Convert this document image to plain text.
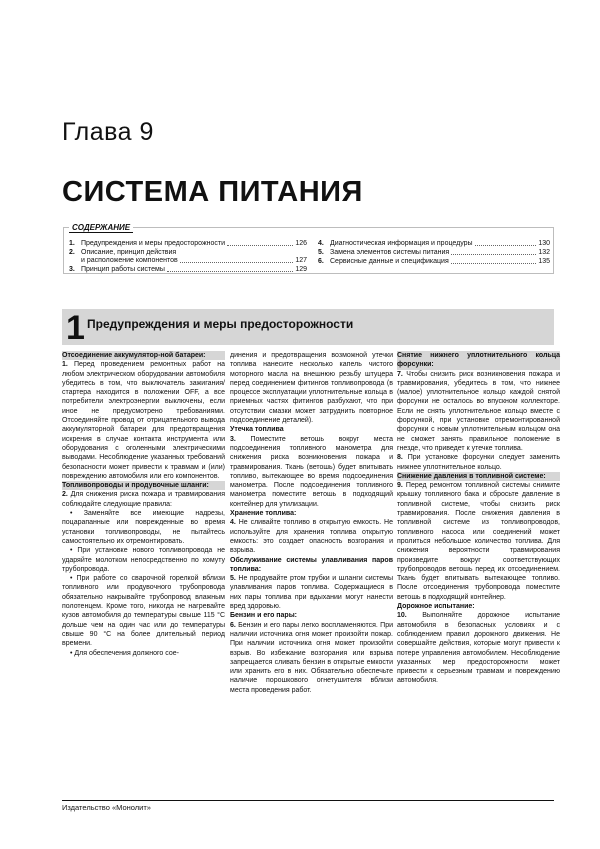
Глава 9
СИСТЕМА ПИТАНИЯ
СОДЕРЖАНИЕ
1. Предупреждения и меры предосторожности	126
2. Описание, принцип действия
и расположение компонентов	127
3. Принцип работы системы	129
4. Диагностическая информация и процедуры	130
5. Замена элементов системы питания	132
6. Сервисные данные и спецификация	135
1 Предупреждения и меры предосторожности

Отсоединение аккумулятор-ной батареи:

1. Перед проведением ремонтных работ на любом электрическом оборудовании автомобиля убедитесь в том, что выключатель зажигания/стартера находится в положении OFF, а все потребители электроэнергии выключены, если иное не предусмотрено требованиями. Отсоединяйте провод от отрицательного вывода аккумуляторной батареи для предотвращения искрения в случае контакта инструмента или оборудования с оголенными электрическими выводами. Несоблюдение указанных требований безопасности может привести к травмам и (или) повреждению автомобиля или его компонентов.

Топливопроводы и продувочные шланги:

2. Для снижения риска пожара и травмирования соблюдайте следующие правила:

• Заменяйте все имеющие надрезы, поцарапанные или поврежденные во время установки топливопроводы, не пытайтесь самостоятельно их отремонтировать.

• При установке нового топливопровода не ударяйте молотком непосредственно по хомуту трубопровода.

• При работе со сварочной горелкой вблизи топливного или продувочного трубопровода обязательно накрывайте трубопровод влажным полотенцем. Кроме того, никогда не нагревайте кузов автомобиля до температуры свыше 115 °С дольше чем на один час или до температуры свыше 90 °С на более длительный период времени.

• Для обеспечения должного сое-

динения и предотвращения возможной утечки топлива нанесите несколько капель чистого моторного масла на внешнюю резьбу штуцера перед соединением фитингов топливопровода (в процессе эксплуатации уплотнительные кольца в приемных частях фитингов разбухают, что при отсутствии смазки может затруднить повторное подсоединение деталей).

Утечка топлива

3. Поместите ветошь вокруг места подсоединения топливного манометра для снижения риска возникновения пожара и травмирования. Ткань (ветошь) будет впитывать топливо, вытекающее во время подсоединения манометра. После подсоединения топливного манометра поместите ветошь в подходящий контейнер для утилизации.

Хранение топлива:

4. Не сливайте топливо в открытую емкость. Не используйте для хранения топлива открытую емкость: это создает опасность возгорания и взрыва.

Обслуживание системы улавливания паров топлива:

5. Не продувайте ртом трубки и шланги системы улавливания паров топлива. Содержащиеся в них пары топлива при вдыхании могут нанести вред здоровью.

Бензин и его пары:

6. Бензин и его пары легко воспламеняются. При наличии источника огня может произойти пожар. При наличии источника огня может произойти взрыв. Во избежание возгорания или взрыва запрещается сливать бензин в открытые емкости или хранить его в них. Обязательно обеспечьте наличие порошкового огнетушителя вблизи места проведения работ.

Снятие нижнего уплотнительного кольца форсунки:

7. Чтобы снизить риск возникновения пожара и травмирования, убедитесь в том, что нижнее (малое) уплотнительное кольцо каждой снятой форсунки не осталось во впускном коллекторе. Если не снять уплотнительное кольцо вместе с форсункой, при установке отремонтированной форсунки с новым уплотнительным кольцом она не сможет занять правильное положение в гнезде, что приведет к утечке топлива.

8. При установке форсунки следует заменить нижнее уплотнительное кольцо.

Снижение давления в топливной системе:

9. Перед ремонтом топливной системы снимите крышку топливного бака и сбросьте давление в топливной системе, чтобы снизить риск травмирования. После снижения давления в топливной системе из топливопроводов, топливного насоса или соединений может пролиться небольшое количество топлива. Для снижения вероятности травмирования произведите вокруг соответствующих трубопроводов ветошь перед их отсоединением. Ткань будет впитывать вытекающее топливо. После отсоединения трубопровода поместите ветошь в подходящий контейнер.

Дорожное испытание:

10. Выполняйте дорожное испытание автомобиля в безопасных условиях и с соблюдением правил дорожного движения. Не совершайте действия, которые могут привести к потере управления автомобилем. Несоблюдение указанных мер предосторожности может привести к серьезным травмам и повреждению автомобиля.

Издательство «Монолит»
